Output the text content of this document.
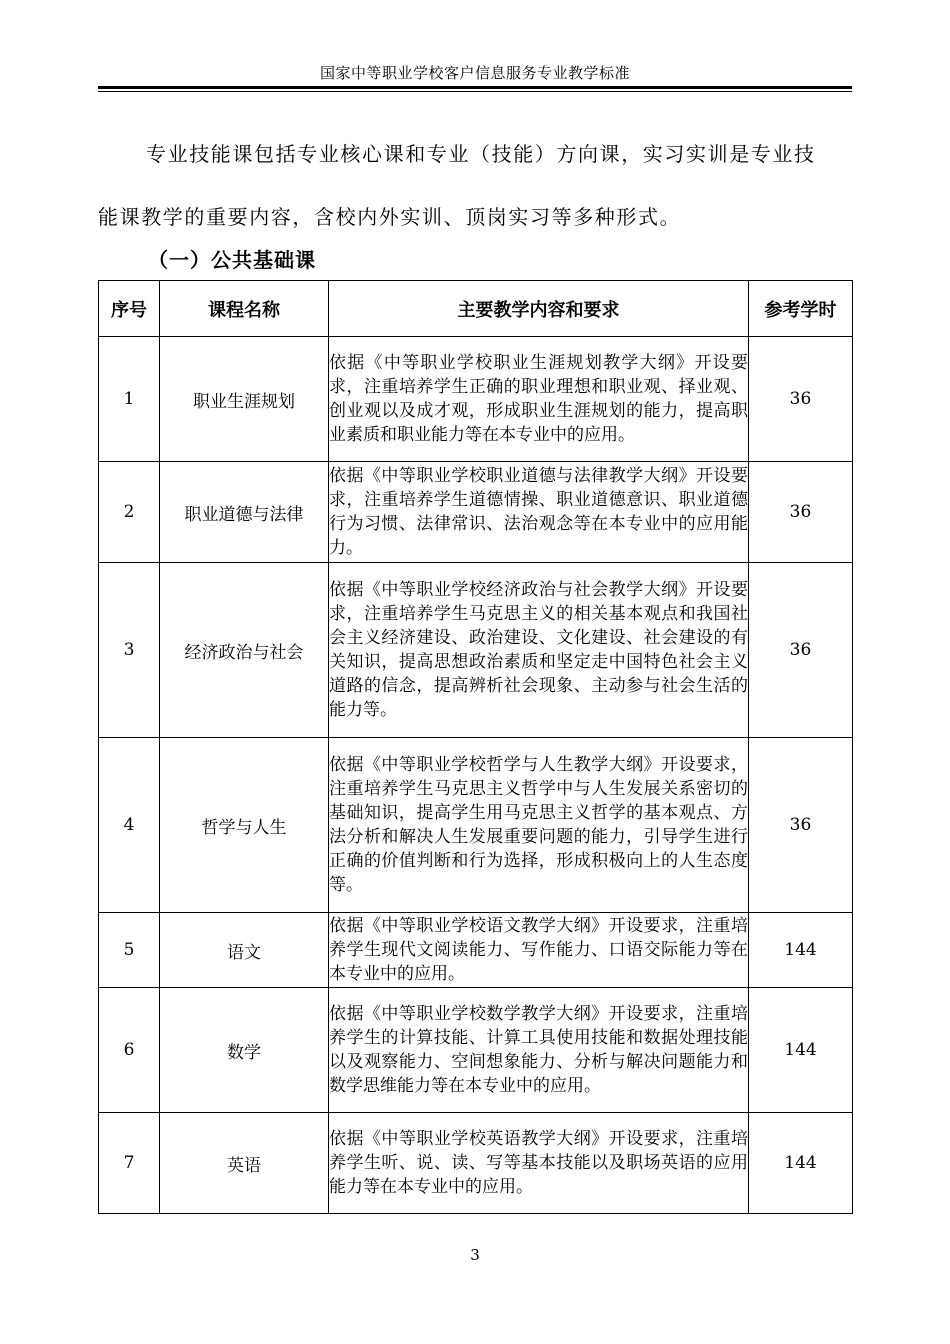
国家中等职业学校客户信息服务专业教学标准
专业技能课包括专业核心课和专业（技能）方向课，实习实训是专业技
能课教学的重要内容，含校内外实训、顶岗实习等多种形式。
（一）公共基础课
序号	课程名称	主要教学内容和要求	参考学时
1	职业生涯规划	依据《中等职业学校职业生涯规划教学大纲》开设要求，注重培养学生正确的职业理想和职业观、择业观、创业观以及成才观，形成职业生涯规划的能力，提高职业素质和职业能力等在本专业中的应用。	36
2	职业道德与法律	依据《中等职业学校职业道德与法律教学大纲》开设要求，注重培养学生道德情操、职业道德意识、职业道德行为习惯、法律常识、法治观念等在本专业中的应用能力。	36
3	经济政治与社会	依据《中等职业学校经济政治与社会教学大纲》开设要求，注重培养学生马克思主义的相关基本观点和我国社会主义经济建设、政治建设、文化建设、社会建设的有关知识，提高思想政治素质和坚定走中国特色社会主义道路的信念，提高辨析社会现象、主动参与社会生活的能力等。	36
4	哲学与人生	依据《中等职业学校哲学与人生教学大纲》开设要求，注重培养学生马克思主义哲学中与人生发展关系密切的基础知识，提高学生用马克思主义哲学的基本观点、方法分析和解决人生发展重要问题的能力，引导学生进行正确的价值判断和行为选择，形成积极向上的人生态度等。	36
5	语文	依据《中等职业学校语文教学大纲》开设要求，注重培养学生现代文阅读能力、写作能力、口语交际能力等在本专业中的应用。	144
6	数学	依据《中等职业学校数学教学大纲》开设要求，注重培养学生的计算技能、计算工具使用技能和数据处理技能以及观察能力、空间想象能力、分析与解决问题能力和数学思维能力等在本专业中的应用。	144
7	英语	依据《中等职业学校英语教学大纲》开设要求，注重培养学生听、说、读、写等基本技能以及职场英语的应用能力等在本专业中的应用。	144
3
